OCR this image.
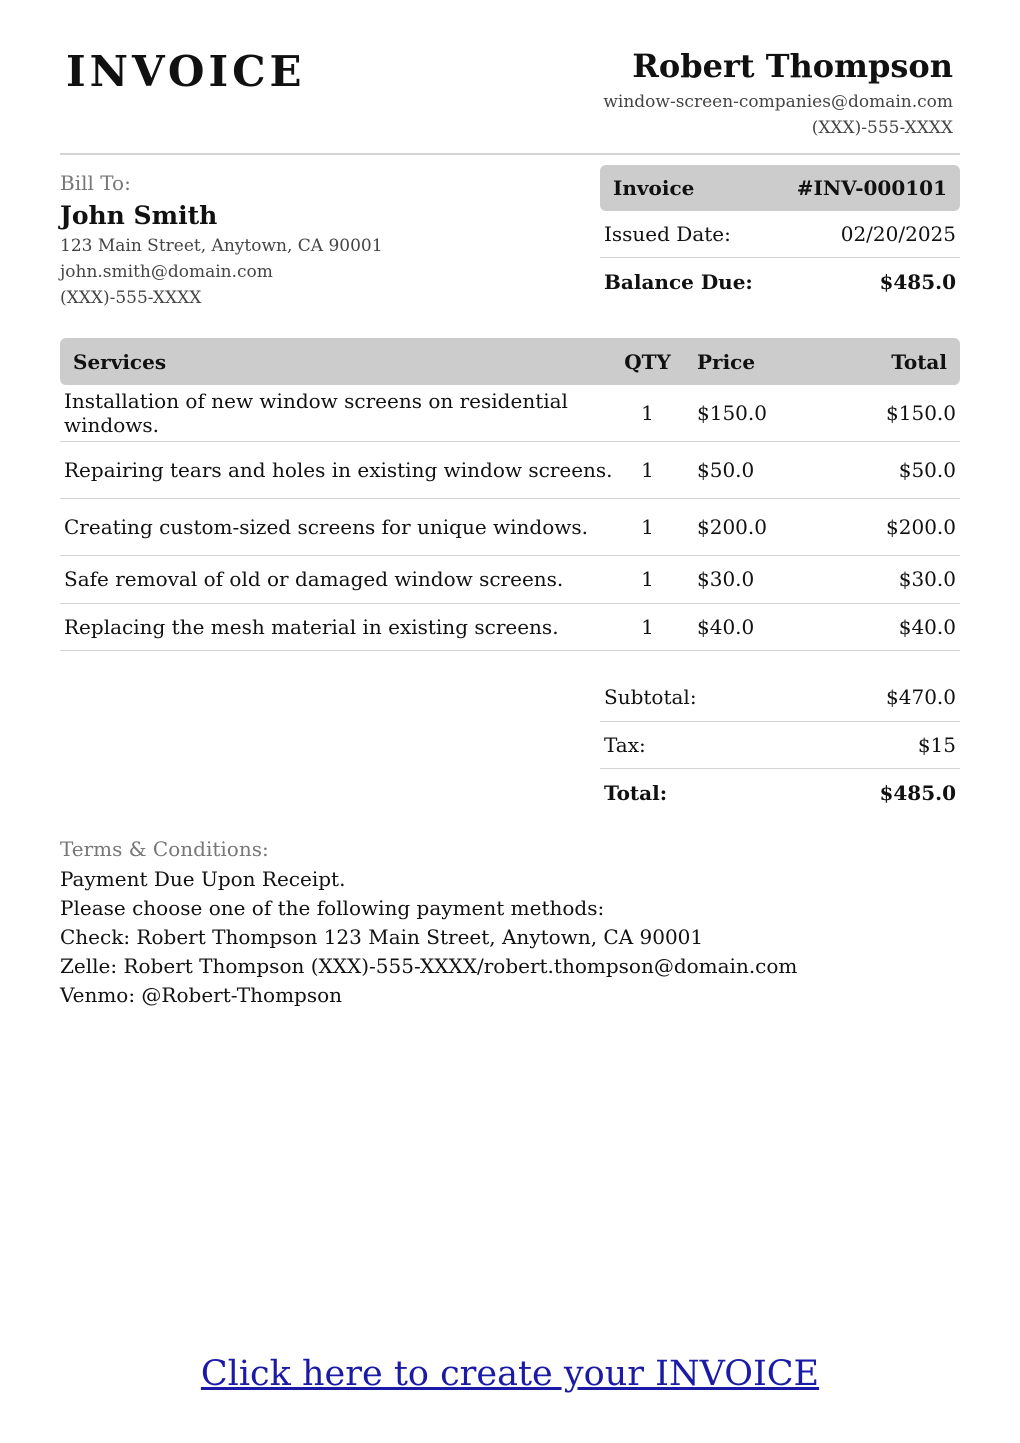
INVOICE	Robert Thompson
window-screen-companies@domain.com
(XXX)-555-XXXX
Bill To:
John Smith
123 Main Street, Anytown, CA 90001
john.smith@domain.com
(XXX)-555-XXXX
Invoice	#INV-000101
Issued Date:	02/20/2025
Balance Due:	$485.0
Services	QTY	Price	Total
Installation of new window screens on residential windows.	1	$150.0	$150.0
Repairing tears and holes in existing window screens.	1	$50.0	$50.0
Creating custom-sized screens for unique windows.	1	$200.0	$200.0
Safe removal of old or damaged window screens.	1	$30.0	$30.0
Replacing the mesh material in existing screens.	1	$40.0	$40.0
Subtotal:	$470.0
Tax:	$15
Total:	$485.0
Terms & Conditions:
Payment Due Upon Receipt.
Please choose one of the following payment methods:
Check: Robert Thompson 123 Main Street, Anytown, CA 90001
Zelle: Robert Thompson (XXX)-555-XXXX/robert.thompson@domain.com
Venmo: @Robert-Thompson
Click here to create your INVOICE
